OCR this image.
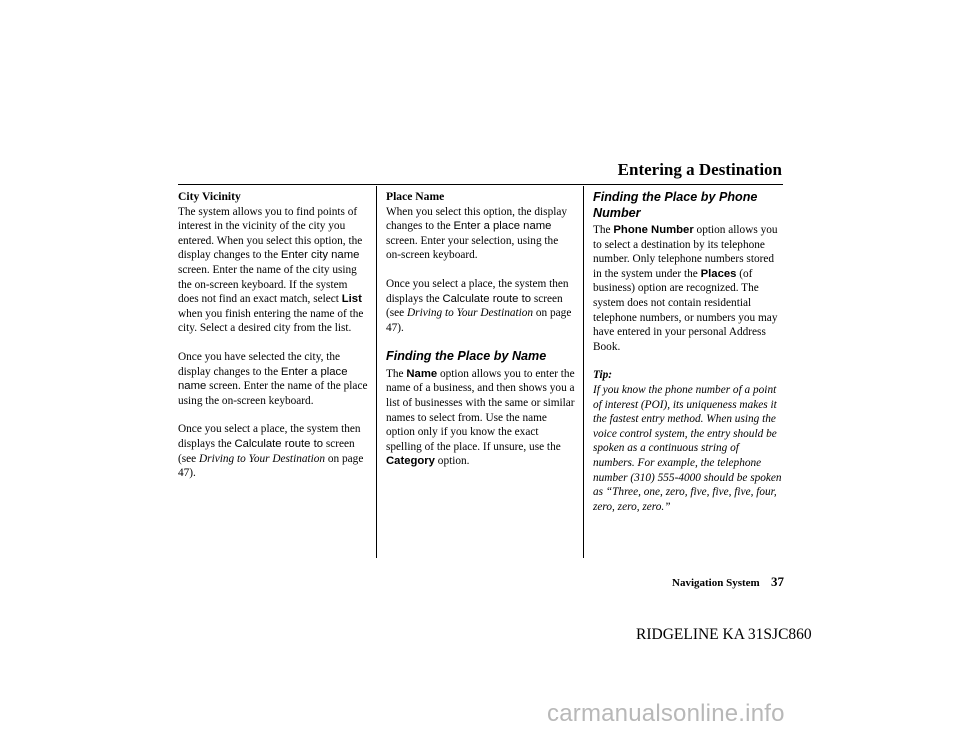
Entering a Destination
City Vicinity

The system allows you to find points of interest in the vicinity of the city you entered. When you select this option, the display changes to the Enter city name screen. Enter the name of the city using the on-screen keyboard. If the system does not find an exact match, select List when you finish entering the name of the city. Select a desired city from the list.

Once you have selected the city, the display changes to the Enter a place name screen. Enter the name of the place using the on-screen keyboard.

Once you select a place, the system then displays the Calculate route to screen (see Driving to Your Destination on page 47).

Place Name

When you select this option, the display changes to the Enter a place name screen. Enter your selection, using the on-screen keyboard.

Once you select a place, the system then displays the Calculate route to screen (see Driving to Your Destination on page 47).

Finding the Place by Name

The Name option allows you to enter the name of a business, and then shows you a list of businesses with the same or similar names to select from. Use the name option only if you know the exact spelling of the place. If unsure, use the Category option.

Finding the Place by Phone Number

The Phone Number option allows you to select a destination by its telephone number. Only telephone numbers stored in the system under the Places (of business) option are recognized. The system does not contain residential telephone numbers, or numbers you may have entered in your personal Address Book.

Tip:
If you know the phone number of a point of interest (POI), its uniqueness makes it the fastest entry method. When using the voice control system, the entry should be spoken as a continuous string of numbers. For example, the telephone number (310) 555-4000 should be spoken as “Three, one, zero, five, five, five, four, zero, zero, zero.”
Navigation System 37
RIDGELINE KA 31SJC860
carmanualsonline.info
